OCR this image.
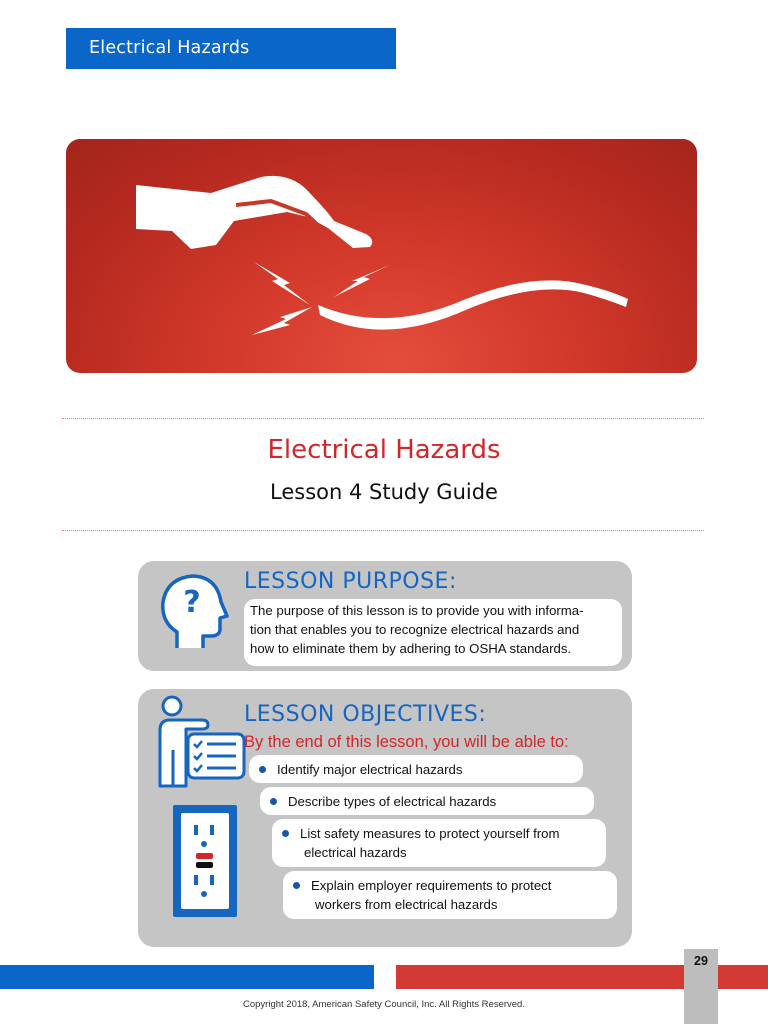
Electrical Hazards
Electrical Hazards
Lesson 4 Study Guide
?
LESSON PURPOSE:
The purpose of this lesson is to provide you with informa-
tion that enables you to recognize electrical hazards and
how to eliminate them by adhering to OSHA standards.
LESSON OBJECTIVES:
By the end of this lesson, you will be able to:
Identify major electrical hazards
Describe types of electrical hazards
List safety measures to protect yourself from
electrical hazards
Explain employer requirements to protect
workers from electrical hazards
29
Copyright 2018, American Safety Council, Inc. All Rights Reserved.
